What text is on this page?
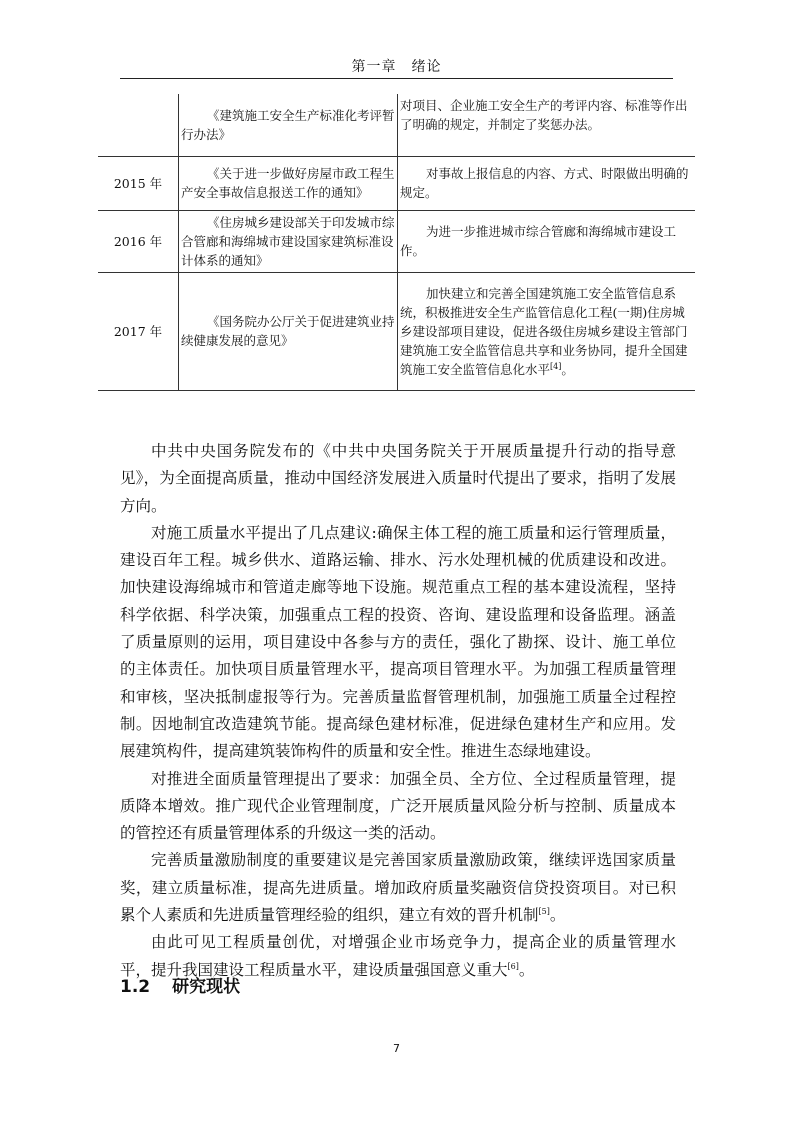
第一章　绪论
	《建筑施工安全生产标准化考评暂行办法》	对项目、企业施工安全生产的考评内容、标准等作出了明确的规定，并制定了奖惩办法。
2015 年	《关于进一步做好房屋市政工程生产安全事故信息报送工作的通知》	对事故上报信息的内容、方式、时限做出明确的规定。
2016 年	《住房城乡建设部关于印发城市综合管廊和海绵城市建设国家建筑标准设计体系的通知》	为进一步推进城市综合管廊和海绵城市建设工作。
2017 年	《国务院办公厅关于促进建筑业持续健康发展的意见》	加快建立和完善全国建筑施工安全监管信息系统，积极推进安全生产监管信息化工程(一期)住房城乡建设部项目建设，促进各级住房城乡建设主管部门建筑施工安全监管信息共享和业务协同，提升全国建筑施工安全监管信息化水平[4]。

中共中央国务院发布的《中共中央国务院关于开展质量提升行动的指导意见》，为全面提高质量，推动中国经济发展进入质量时代提出了要求，指明了发展方向。

对施工质量水平提出了几点建议:确保主体工程的施工质量和运行管理质量，建设百年工程。城乡供水、道路运输、排水、污水处理机械的优质建设和改进。加快建设海绵城市和管道走廊等地下设施。规范重点工程的基本建设流程，坚持科学依据、科学决策，加强重点工程的投资、咨询、建设监理和设备监理。涵盖了质量原则的运用，项目建设中各参与方的责任，强化了勘探、设计、施工单位的主体责任。加快项目质量管理水平，提高项目管理水平。为加强工程质量管理和审核，坚决抵制虚报等行为。完善质量监督管理机制，加强施工质量全过程控制。因地制宜改造建筑节能。提高绿色建材标准，促进绿色建材生产和应用。发展建筑构件，提高建筑装饰构件的质量和安全性。推进生态绿地建设。

对推进全面质量管理提出了要求：加强全员、全方位、全过程质量管理，提质降本增效。推广现代企业管理制度，广泛开展质量风险分析与控制、质量成本的管控还有质量管理体系的升级这一类的活动。

完善质量激励制度的重要建议是完善国家质量激励政策，继续评选国家质量奖，建立质量标准，提高先进质量。增加政府质量奖融资信贷投资项目。对已积累个人素质和先进质量管理经验的组织，建立有效的晋升机制[5]。

由此可见工程质量创优，对增强企业市场竞争力，提高企业的质量管理水平，提升我国建设工程质量水平，建设质量强国意义重大[6]。

1.2 研究现状
7
